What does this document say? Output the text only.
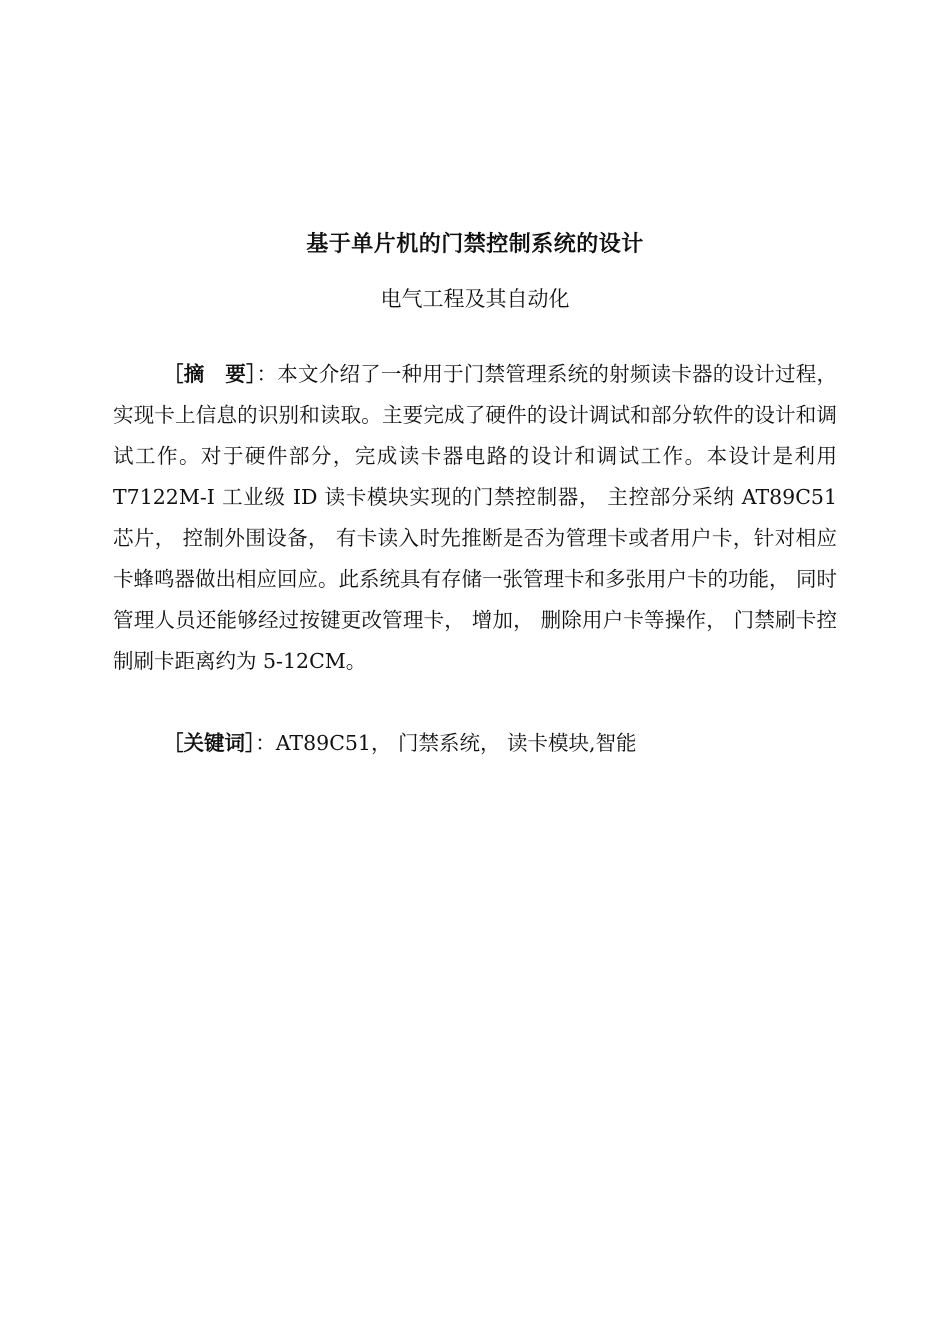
基于单片机的门禁控制系统的设计
电气工程及其自动化
［摘　要］：本文介绍了一种用于门禁管理系统的射频读卡器的设计过程，实现卡上信息的识别和读取。主要完成了硬件的设计调试和部分软件的设计和调试工作。对于硬件部分，完成读卡器电路的设计和调试工作。本设计是利用 T7122M-I 工业级 ID 读卡模块实现的门禁控制器， 主控部分采纳 AT89C51 芯片， 控制外围设备， 有卡读入时先推断是否为管理卡或者用户卡，针对相应卡蜂鸣器做出相应回应。此系统具有存储一张管理卡和多张用户卡的功能， 同时管理人员还能够经过按键更改管理卡， 增加， 删除用户卡等操作， 门禁刷卡控制刷卡距离约为 5-12CM。
［关键词］：AT89C51， 门禁系统， 读卡模块,智能
